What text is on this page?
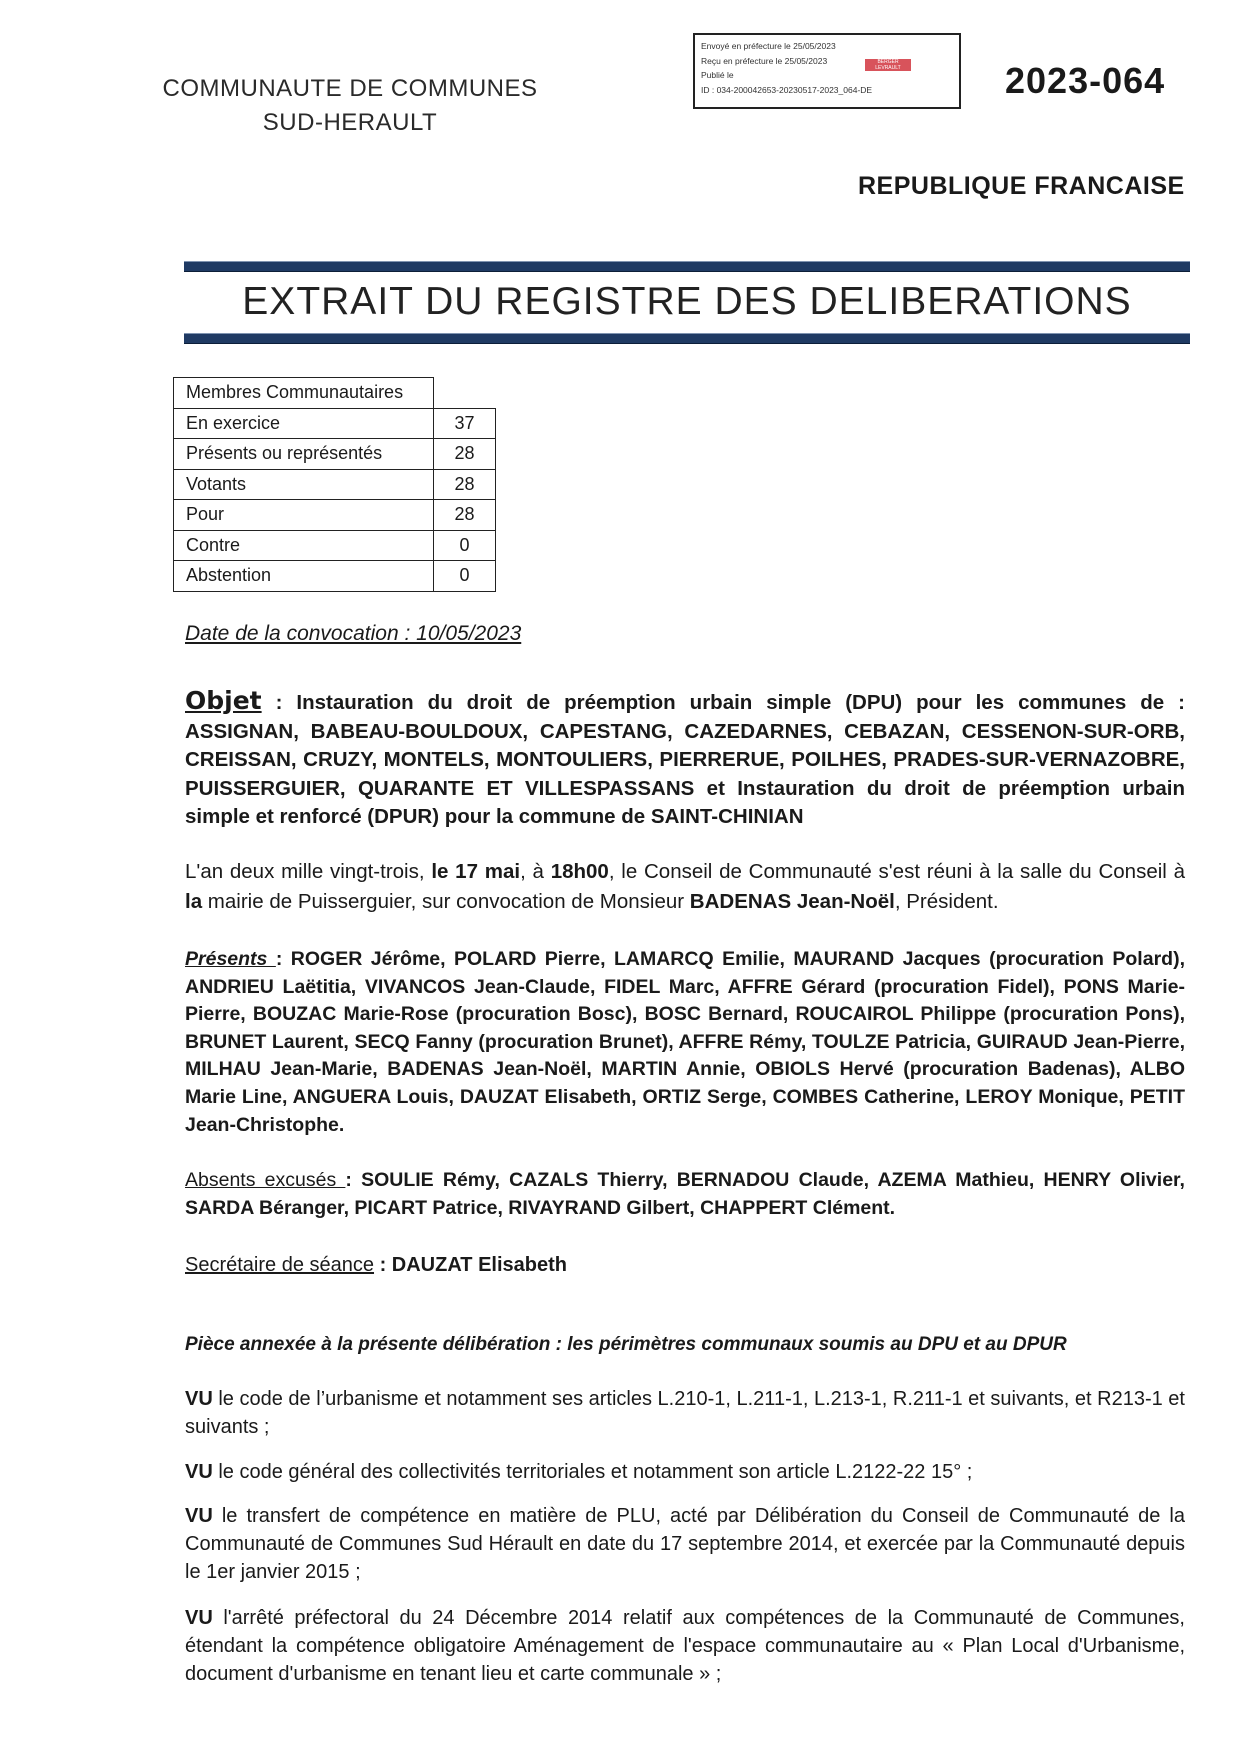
COMMUNAUTE DE COMMUNES
SUD-HERAULT
Envoyé en préfecture le 25/05/2023
Reçu en préfecture le 25/05/2023
Publié le
ID : 034-200042653-20230517-2023_064-DE
BERGER LEVRAULT	2023-064
REPUBLIQUE FRANCAISE
EXTRAIT DU REGISTRE DES DELIBERATIONS
Membres Communautaires	
En exercice	37
Présents ou représentés	28
Votants	28
Pour	28
Contre	0
Abstention	0
Date de la convocation : 10/05/2023
Objet : Instauration du droit de préemption urbain simple (DPU) pour les communes de : ASSIGNAN, BABEAU-BOULDOUX, CAPESTANG, CAZEDARNES, CEBAZAN, CESSENON-SUR-ORB, CREISSAN, CRUZY, MONTELS, MONTOULIERS, PIERRERUE, POILHES, PRADES-SUR-VERNAZOBRE, PUISSERGUIER, QUARANTE ET VILLESPASSANS et Instauration du droit de préemption urbain simple et renforcé (DPUR) pour la commune de SAINT-CHINIAN
L'an deux mille vingt-trois, le 17 mai, à 18h00, le Conseil de Communauté s'est réuni à la salle du Conseil à la mairie de Puisserguier, sur convocation de Monsieur BADENAS Jean-Noël, Président.
Présents : ROGER Jérôme, POLARD Pierre, LAMARCQ Emilie, MAURAND Jacques (procuration Polard), ANDRIEU Laëtitia, VIVANCOS Jean-Claude, FIDEL Marc, AFFRE Gérard (procuration Fidel), PONS Marie-Pierre, BOUZAC Marie-Rose (procuration Bosc), BOSC Bernard, ROUCAIROL Philippe (procuration Pons), BRUNET Laurent, SECQ Fanny (procuration Brunet), AFFRE Rémy, TOULZE Patricia, GUIRAUD Jean-Pierre, MILHAU Jean-Marie, BADENAS Jean-Noël, MARTIN Annie, OBIOLS Hervé (procuration Badenas), ALBO Marie Line, ANGUERA Louis, DAUZAT Elisabeth, ORTIZ Serge, COMBES Catherine, LEROY Monique, PETIT Jean-Christophe.
Absents excusés : SOULIE Rémy, CAZALS Thierry, BERNADOU Claude, AZEMA Mathieu, HENRY Olivier, SARDA Béranger, PICART Patrice, RIVAYRAND Gilbert, CHAPPERT Clément.
Secrétaire de séance : DAUZAT Elisabeth
Pièce annexée à la présente délibération : les périmètres communaux soumis au DPU et au DPUR
VU le code de l’urbanisme et notamment ses articles L.210-1, L.211-1, L.213-1, R.211-1 et suivants, et R213-1 et suivants ;
VU le code général des collectivités territoriales et notamment son article L.2122-22 15° ;
VU le transfert de compétence en matière de PLU, acté par Délibération du Conseil de Communauté de la Communauté de Communes Sud Hérault en date du 17 septembre 2014, et exercée par la Communauté depuis le 1er janvier 2015 ;
VU l'arrêté préfectoral du 24 Décembre 2014 relatif aux compétences de la Communauté de Communes, étendant la compétence obligatoire Aménagement de l'espace communautaire au « Plan Local d'Urbanisme, document d'urbanisme en tenant lieu et carte communale » ;
